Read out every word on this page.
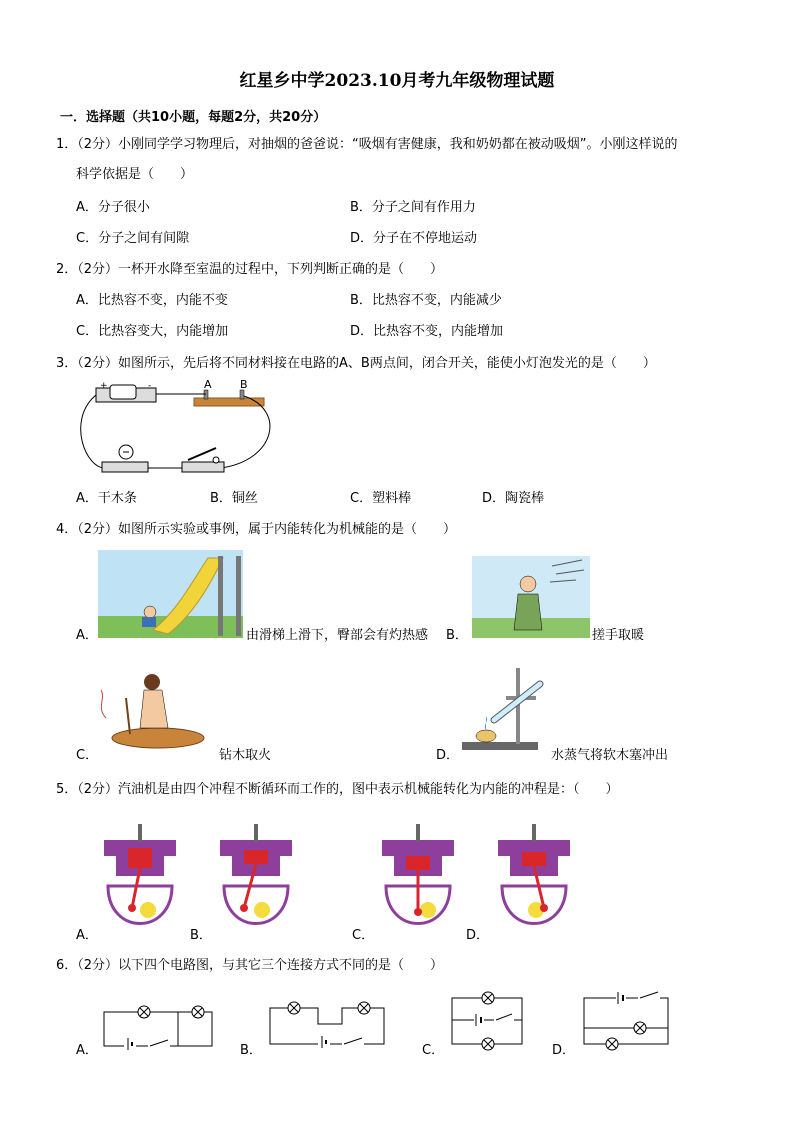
红星乡中学2023.10月考九年级物理试题
一．选择题（共10小题，每题2分，共20分）
1．（2分）小刚同学学习物理后，对抽烟的爸爸说：“吸烟有害健康，我和奶奶都在被动吸烟”。小刚这样说的
科学依据是（　　）
A．分子很小	B．分子之间有作用力
C．分子之间有间隙	D．分子在不停地运动
2．（2分）一杯开水降至室温的过程中，下列判断正确的是（　　）
A．比热容不变，内能不变	B．比热容不变，内能减少
C．比热容变大，内能增加	D．比热容不变，内能增加
3．（2分）如图所示，先后将不同材料接在电路的A、B两点间，闭合开关，能使小灯泡发光的是（　　）
+	-	A	B
A．干木条	B．铜丝	C．塑料棒	D．陶瓷棒
4．（2分）如图所示实验或事例，属于内能转化为机械能的是（　　）
A．	由滑梯上滑下，臀部会有灼热感 B．	搓手取暖
C．	钻木取火	D．	水蒸气将软木塞冲出
5．（2分）汽油机是由四个冲程不断循环而工作的，图中表示机械能转化为内能的冲程是：（　　）
A．	B．	C．	D．
6．（2分）以下四个电路图，与其它三个连接方式不同的是（　　）
A．	B．	C．	D．
